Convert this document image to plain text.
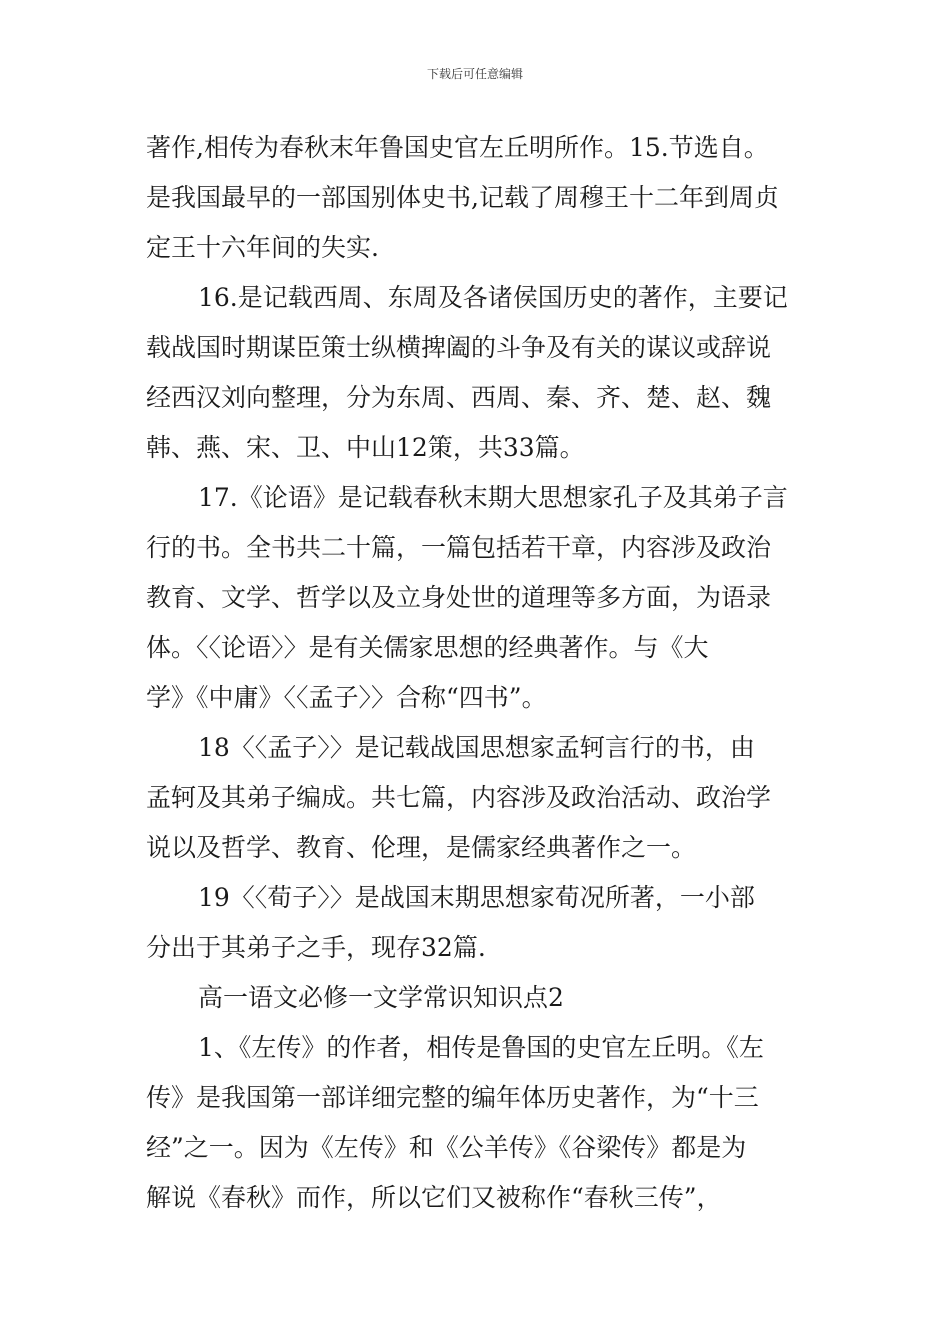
下载后可任意编辑
著作,相传为春秋末年鲁国史官左丘明所作。15.节选自。
是我国最早的一部国别体史书,记载了周穆王十二年到周贞
定王十六年间的失实.
16.是记载西周、东周及各诸侯国历史的著作，主要记
载战国时期谋臣策士纵横捭阖的斗争及有关的谋议或辞说
经西汉刘向整理，分为东周、西周、秦、齐、楚、赵、魏
韩、燕、宋、卫、中山12策，共33篇。
17.《论语》是记载春秋末期大思想家孔子及其弟子言
行的书。全书共二十篇，一篇包括若干章，内容涉及政治
教育、文学、哲学以及立身处世的道理等多方面，为语录
体。〈〈论语〉〉是有关儒家思想的经典著作。与《大
学》《中庸》〈〈孟子〉〉合称“四书”。
18〈〈孟子〉〉是记载战国思想家孟轲言行的书，由
孟轲及其弟子编成。共七篇，内容涉及政治活动、政治学
说以及哲学、教育、伦理，是儒家经典著作之一。
19〈〈荀子〉〉是战国末期思想家荀况所著，一小部
分出于其弟子之手，现存32篇.
高一语文必修一文学常识知识点2
1、《左传》的作者，相传是鲁国的史官左丘明。《左
传》是我国第一部详细完整的编年体历史著作，为“十三
经”之一。因为《左传》和《公羊传》《谷梁传》都是为
解说《春秋》而作，所以它们又被称作“春秋三传”，
